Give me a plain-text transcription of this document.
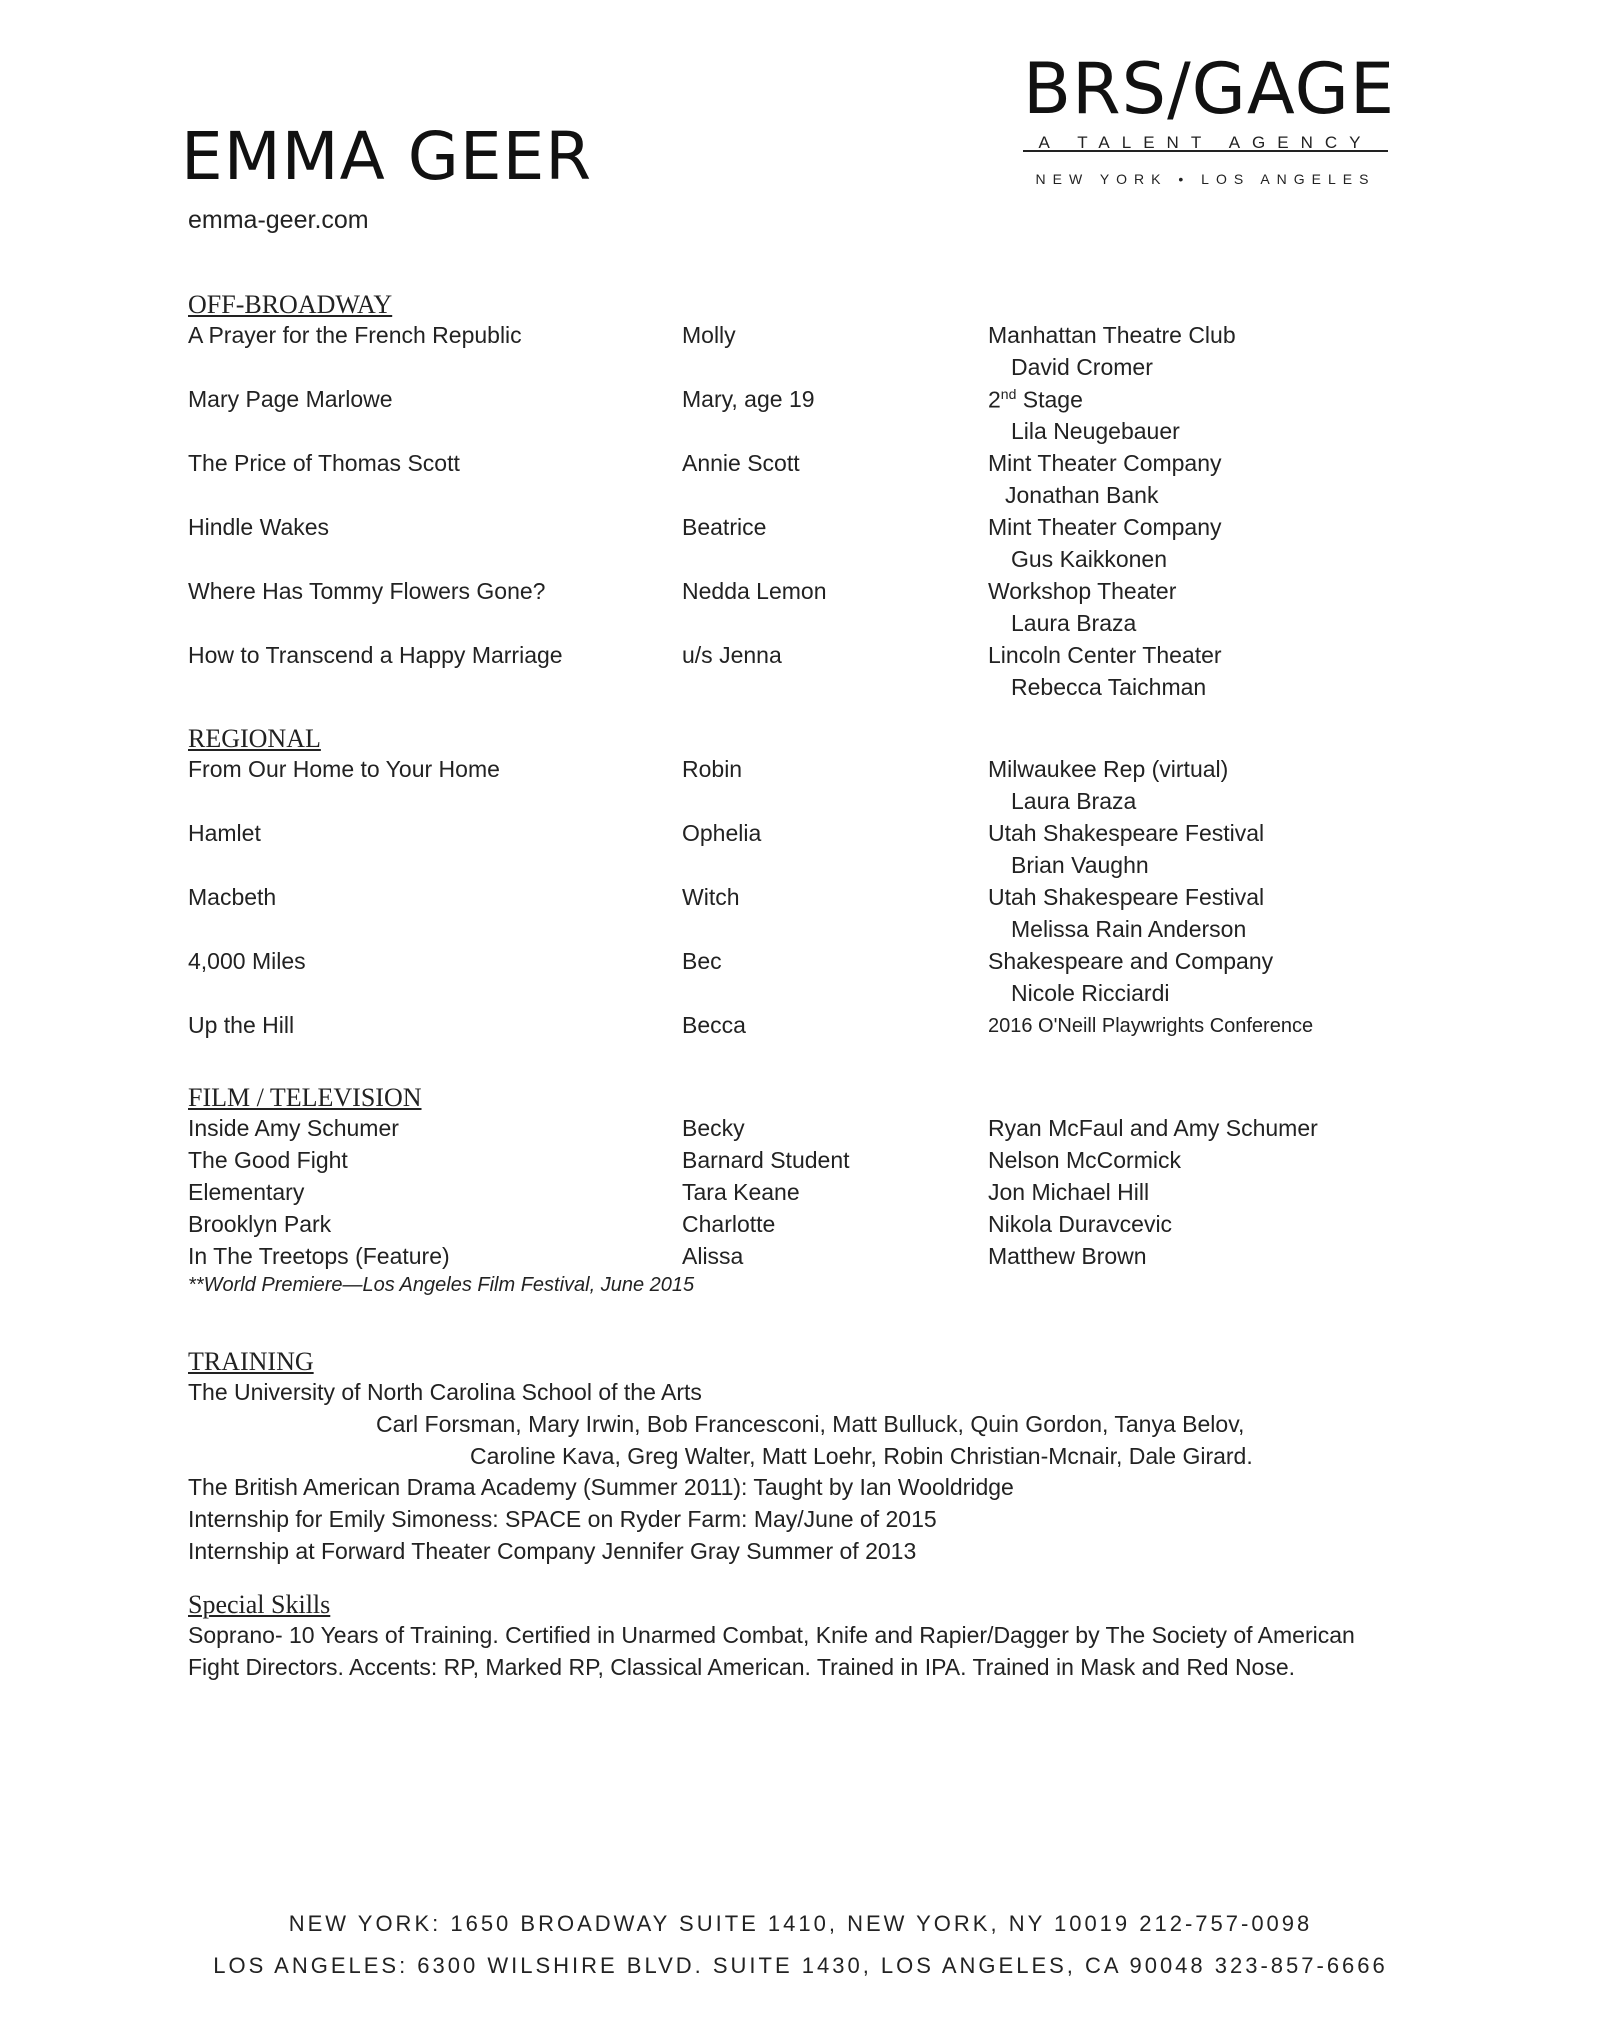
EMMA GEER
emma-geer.com
BRS/GAGE
A TALENT AGENCY
NEW YORK • LOS ANGELES
OFF-BROADWAY
A Prayer for the French Republic	Molly	Manhattan Theatre Club
David Cromer
Mary Page Marlowe	Mary, age 19	2nd Stage
Lila Neugebauer
The Price of Thomas Scott	Annie Scott	Mint Theater Company
Jonathan Bank
Hindle Wakes	Beatrice	Mint Theater Company
Gus Kaikkonen
Where Has Tommy Flowers Gone?	Nedda Lemon	Workshop Theater
Laura Braza
How to Transcend a Happy Marriage	u/s Jenna	Lincoln Center Theater
Rebecca Taichman
REGIONAL
From Our Home to Your Home	Robin	Milwaukee Rep (virtual)
Laura Braza
Hamlet	Ophelia	Utah Shakespeare Festival
Brian Vaughn
Macbeth	Witch	Utah Shakespeare Festival
Melissa Rain Anderson
4,000 Miles	Bec	Shakespeare and Company
Nicole Ricciardi
Up the Hill	Becca	2016 O'Neill Playwrights Conference
FILM / TELEVISION
Inside Amy Schumer	Becky	Ryan McFaul and Amy Schumer
The Good Fight	Barnard Student	Nelson McCormick
Elementary	Tara Keane	Jon Michael Hill
Brooklyn Park	Charlotte	Nikola Duravcevic
In The Treetops (Feature)	Alissa	Matthew Brown
**World Premiere—Los Angeles Film Festival, June 2015
TRAINING
The University of North Carolina School of the Arts
Carl Forsman, Mary Irwin, Bob Francesconi, Matt Bulluck, Quin Gordon, Tanya Belov,
Caroline Kava, Greg Walter, Matt Loehr, Robin Christian-Mcnair, Dale Girard.
The British American Drama Academy (Summer 2011): Taught by Ian Wooldridge
Internship for Emily Simoness: SPACE on Ryder Farm: May/June of 2015
Internship at Forward Theater Company Jennifer Gray Summer of 2013
Special Skills
Soprano- 10 Years of Training. Certified in Unarmed Combat, Knife and Rapier/Dagger by The Society of American
Fight Directors. Accents: RP, Marked RP, Classical American. Trained in IPA. Trained in Mask and Red Nose.
NEW YORK: 1650 BROADWAY SUITE 1410, NEW YORK, NY 10019 212-757-0098
LOS ANGELES: 6300 WILSHIRE BLVD. SUITE 1430, LOS ANGELES, CA 90048 323-857-6666
